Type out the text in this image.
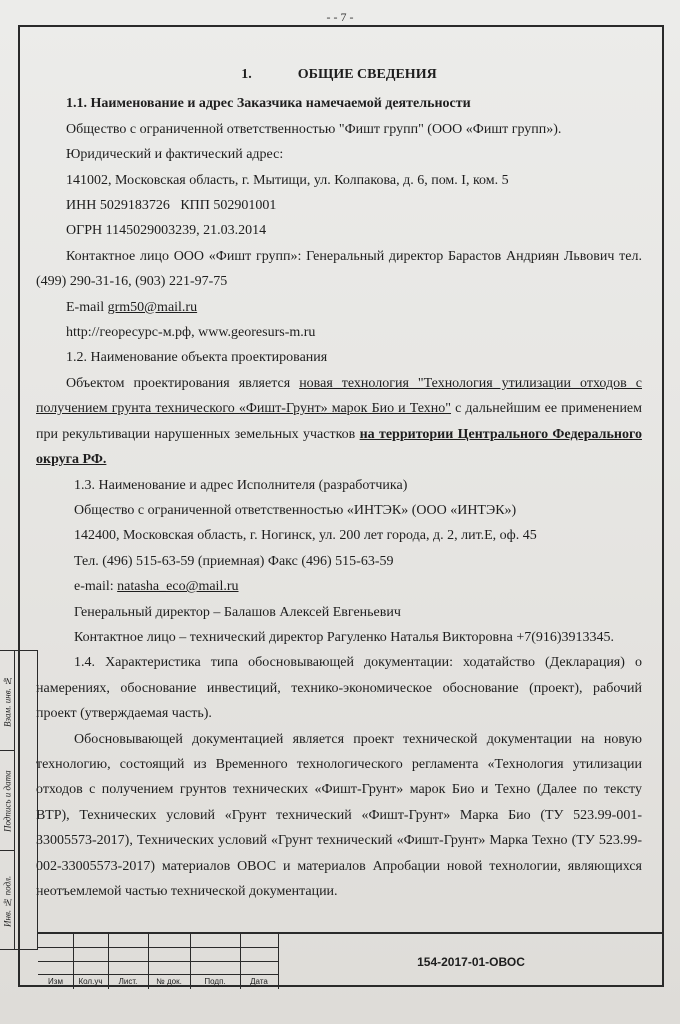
- - 7 -

1.	ОБЩИЕ СВЕДЕНИЯ

1.1. Наименование и адрес Заказчика намечаемой деятельности

Общество с ограниченной ответственностью "Фишт групп" (ООО «Фишт групп»).

Юридический и фактический адрес:

141002, Московская область, г. Мытищи, ул. Колпакова, д. 6, пом. I, ком. 5

ИНН 5029183726   КПП 502901001

ОГРН 1145029003239, 21.03.2014

Контактное лицо ООО «Фишт групп»: Генеральный директор Барастов Андриян Львович тел. (499) 290-31-16, (903) 221-97-75

E-mail grm50@mail.ru

http://георесурс-м.рф, www.georesurs-m.ru

1.2. Наименование объекта проектирования

Объектом проектирования является новая технология "Технология утилизации отходов с получением грунта технического «Фишт-Грунт» марок Био и Техно" с дальнейшим ее применением при рекультивации нарушенных земельных участков на территории Центрального Федерального округа РФ.

1.3. Наименование и адрес Исполнителя (разработчика)

Общество с ограниченной ответственностью «ИНТЭК» (ООО «ИНТЭК»)

142400, Московская область, г. Ногинск, ул. 200 лет города, д. 2, лит.Е, оф. 45

Тел. (496) 515-63-59 (приемная) Факс (496) 515-63-59

e-mail: natasha_eco@mail.ru

Генеральный директор – Балашов Алексей Евгеньевич

Контактное лицо – технический директор Рагуленко Наталья Викторовна +7(916)3913345.

1.4. Характеристика типа обосновывающей документации: ходатайство (Декларация) о намерениях, обоснование инвестиций, технико-экономическое обоснование (проект), рабочий проект (утверждаемая часть).

Обосновывающей документацией является проект технической документации на новую технологию, состоящий из Временного технологического регламента «Технология утилизации отходов с получением грунтов технических «Фишт-Грунт» марок Био и Техно (Далее по тексту ВТР), Технических условий «Грунт технический «Фишт-Грунт» Марка Био (ТУ 523.99-001-33005573-2017), Технических условий «Грунт технический «Фишт-Грунт» Марка Техно (ТУ 523.99-002-33005573-2017) материалов ОВОС и материалов Апробации новой технологии, являющихся неотъемлемой частью технической документации.

Взам. инв. №
Подпись и дата
Инв. № подл.
Изм	Кол.уч	Лист.	№ док.	Подп.	Дата
154-2017-01-ОВОС
